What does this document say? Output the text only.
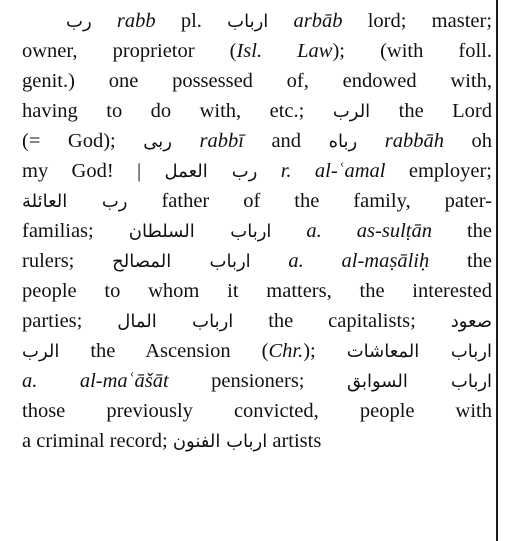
رب rabb pl. ارباب arbāb lord; master;
owner, proprietor (Isl. Law); (with foll.
genit.) one possessed of, endowed with,
having to do with, etc.; الرب the Lord
(= God); ربى rabbī and رباه rabbāh oh
my God! | رب العمل r. al-ʿamal employer;
رب العائلة father of the family, pater-
familias; ارباب السلطان a. as-sulṭān the
rulers; ارباب المصالح a. al-maṣāliḥ the
people to whom it matters, the interested
parties; ارباب المال the capitalists; صعود
الرب the Ascension (Chr.); ارباب المعاشات
a. al-maʿāšāt pensioners; ارباب السوابق
those previously convicted, people with
a criminal record; ارباب الفنون artists
